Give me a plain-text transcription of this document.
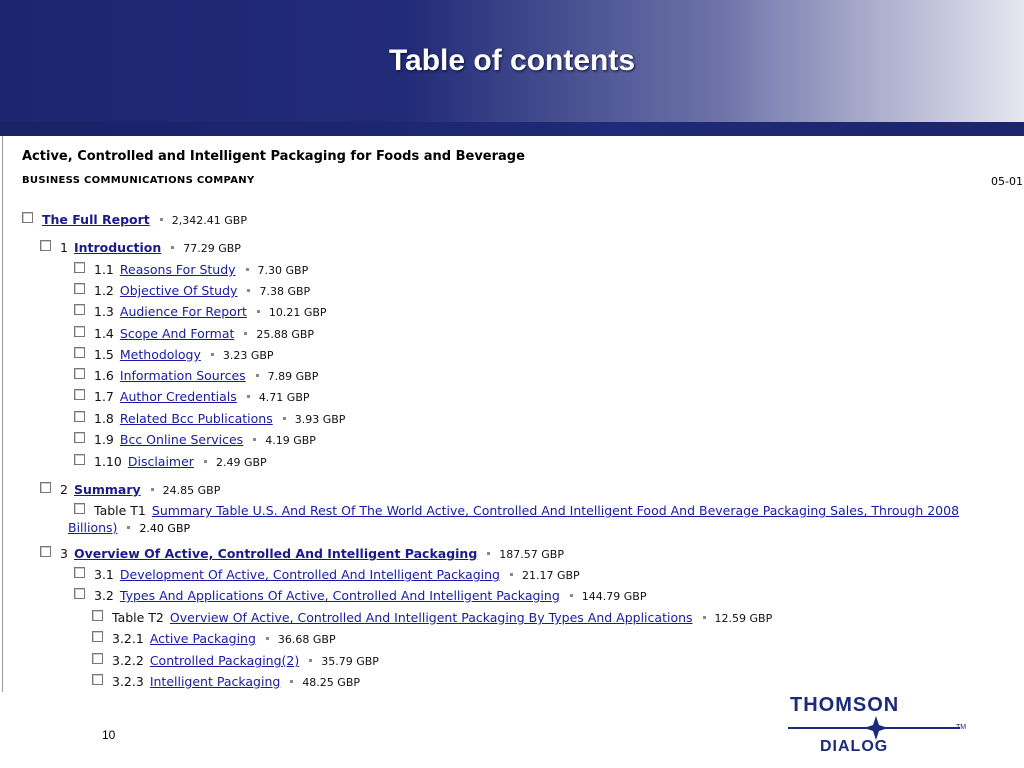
Table of contents
Active, Controlled and Intelligent Packaging for Foods and Beverage
BUSINESS COMMUNICATIONS COMPANY	05-01
The Full Report 2,342.41 GBP
1 Introduction 77.29 GBP
1.1 Reasons For Study 7.30 GBP
1.2 Objective Of Study 7.38 GBP
1.3 Audience For Report 10.21 GBP
1.4 Scope And Format 25.88 GBP
1.5 Methodology 3.23 GBP
1.6 Information Sources 7.89 GBP
1.7 Author Credentials 4.71 GBP
1.8 Related Bcc Publications 3.93 GBP
1.9 Bcc Online Services 4.19 GBP
1.10 Disclaimer 2.49 GBP
2 Summary 24.85 GBP
Table T1 Summary Table U.S. And Rest Of The World Active, Controlled And Intelligent Food And Beverage Packaging Sales, Through 2008
Billions) 2.40 GBP
3 Overview Of Active, Controlled And Intelligent Packaging 187.57 GBP
3.1 Development Of Active, Controlled And Intelligent Packaging 21.17 GBP
3.2 Types And Applications Of Active, Controlled And Intelligent Packaging 144.79 GBP
Table T2 Overview Of Active, Controlled And Intelligent Packaging By Types And Applications 12.59 GBP
3.2.1 Active Packaging 36.68 GBP
3.2.2 Controlled Packaging(2) 35.79 GBP
3.2.3 Intelligent Packaging 48.25 GBP
10
THOMSON
TM
DIALOG
